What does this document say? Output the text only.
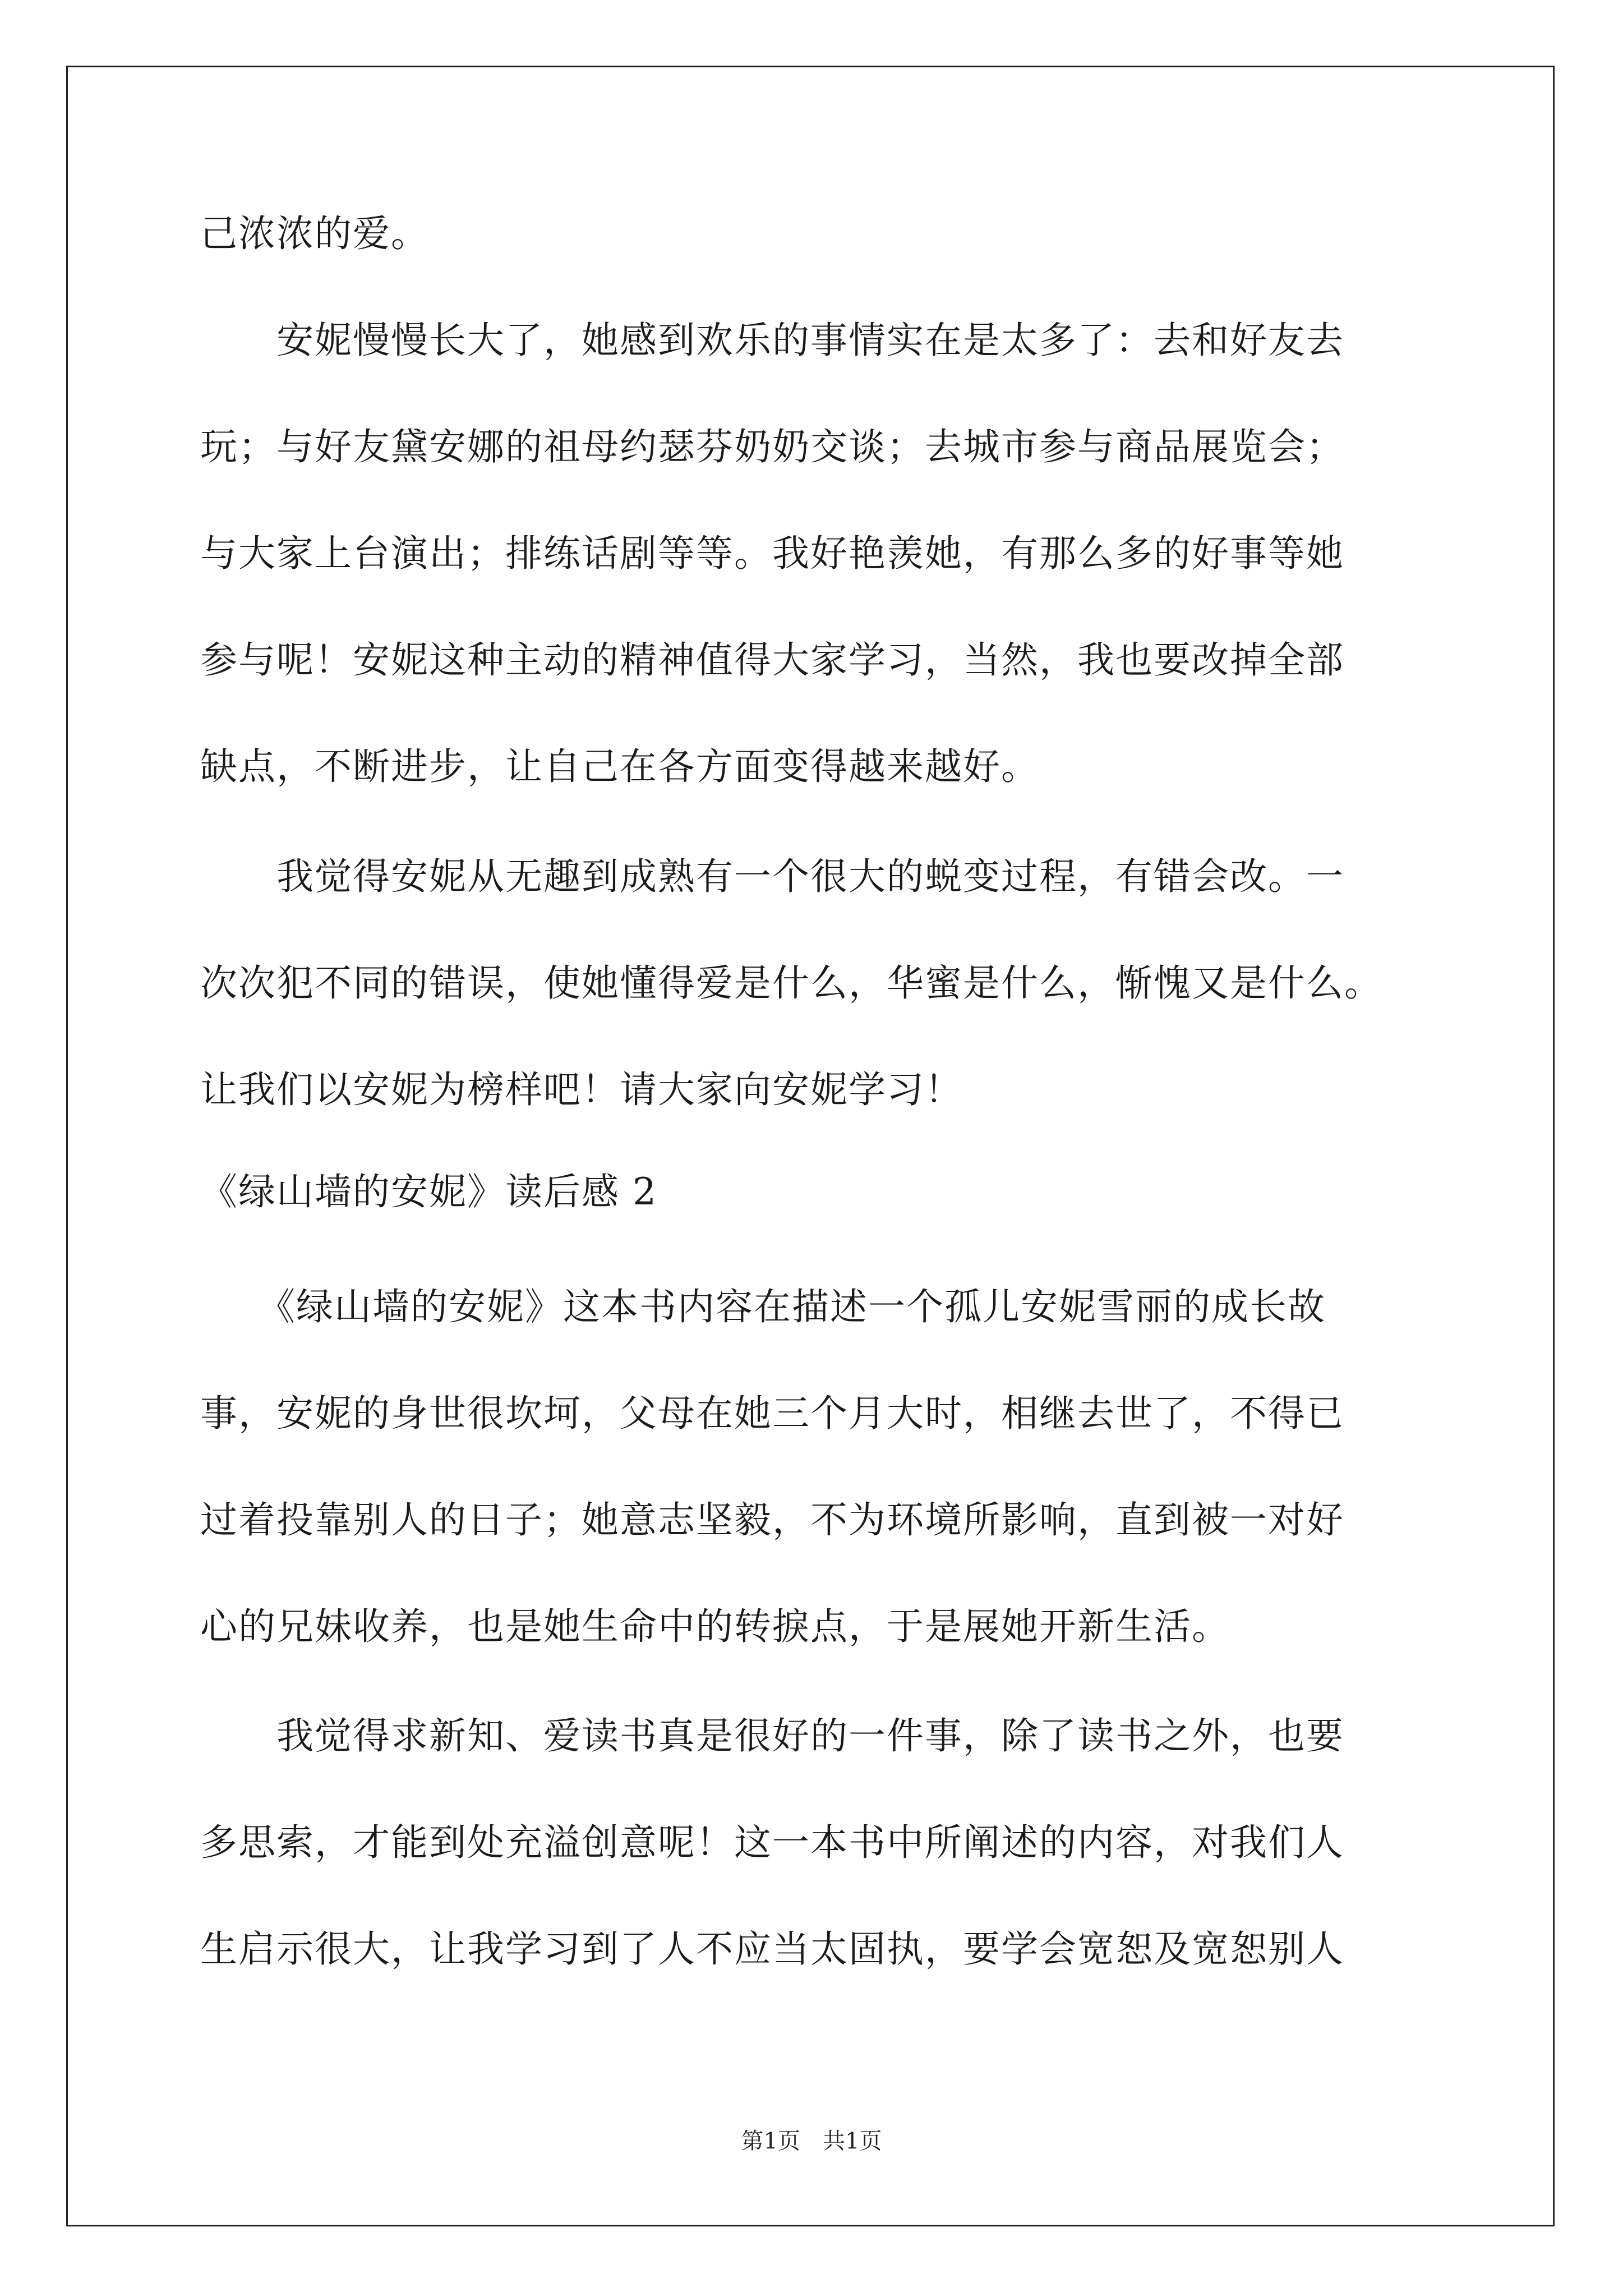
己浓浓的爱。
　　安妮慢慢长大了，她感到欢乐的事情实在是太多了：去和好友去
玩；与好友黛安娜的祖母约瑟芬奶奶交谈；去城市参与商品展览会；
与大家上台演出；排练话剧等等。我好艳羡她，有那么多的好事等她
参与呢！安妮这种主动的精神值得大家学习，当然，我也要改掉全部
缺点，不断进步，让自己在各方面变得越来越好。
　　我觉得安妮从无趣到成熟有一个很大的蜕变过程，有错会改。一
次次犯不同的错误，使她懂得爱是什么，华蜜是什么，惭愧又是什么。
让我们以安妮为榜样吧！请大家向安妮学习！
《绿山墙的安妮》读后感 2
　　《绿山墙的安妮》这本书内容在描述一个孤儿安妮雪丽的成长故
事，安妮的身世很坎坷，父母在她三个月大时，相继去世了，不得已
过着投靠别人的日子；她意志坚毅，不为环境所影响，直到被一对好
心的兄妹收养，也是她生命中的转捩点，于是展她开新生活。
　　我觉得求新知、爱读书真是很好的一件事，除了读书之外，也要
多思索，才能到处充溢创意呢！这一本书中所阐述的内容，对我们人
生启示很大，让我学习到了人不应当太固执，要学会宽恕及宽恕别人
第1页　共1页
